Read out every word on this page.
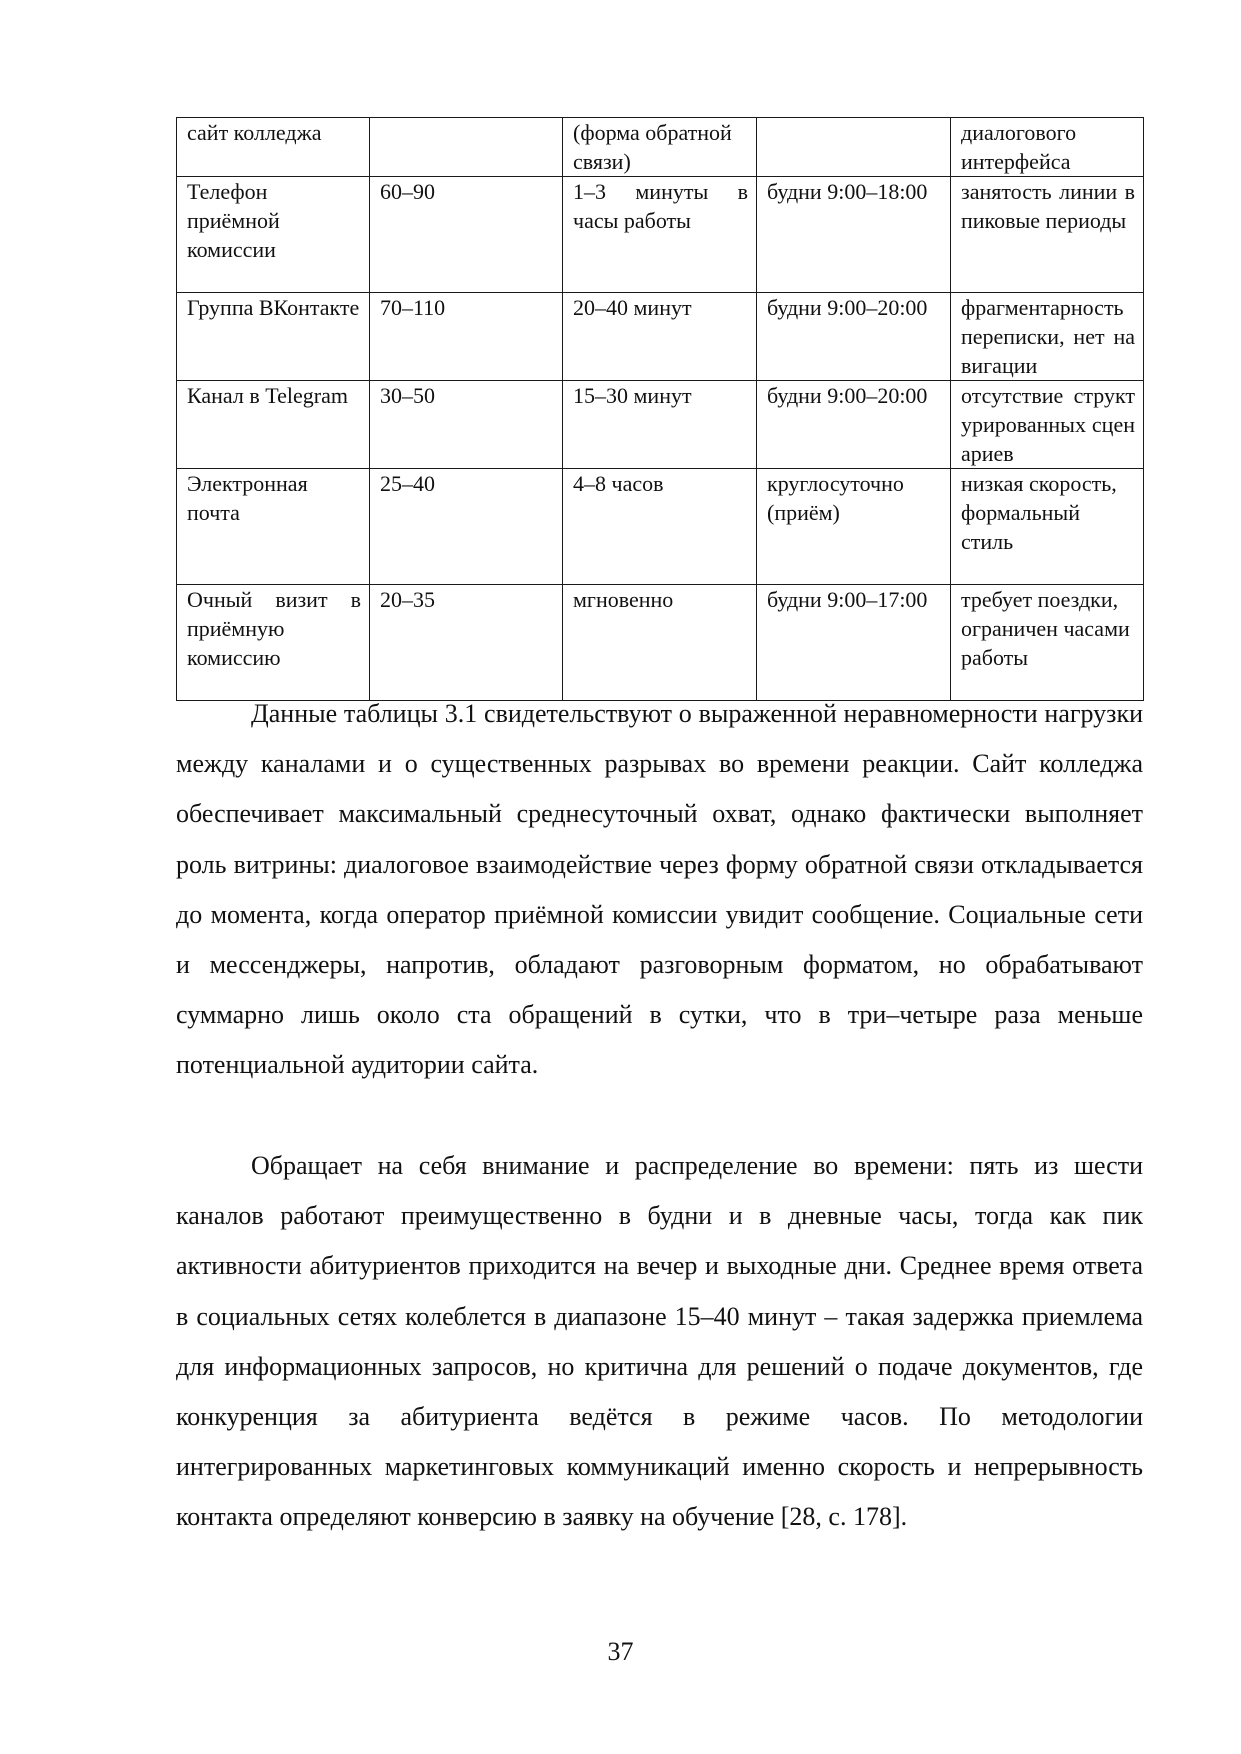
сайт колледжа		(форма обратной связи)		диалогового интерфейса
Телефон приёмной комиссии	60–90	1–3 минуты в часы работы	будни 9:00–18:00	занятость линии в пиковые периоды
Группа ВКонтакте	70–110	20–40 минут	будни 9:00–20:00	фрагментарность переписки, нет навигации
Канал в Telegram	30–50	15–30 минут	будни 9:00–20:00	отсутствие структурированных сценариев
Электронная почта	25–40	4–8 часов	круглосуточно (приём)	низкая скорость, формальный стиль
Очный визит в приёмную комиссию	20–35	мгновенно	будни 9:00–17:00	требует поездки, ограничен часами работы

Данные таблицы 3.1 свидетельствуют о выраженной неравномерности нагрузки между каналами и о существенных разрывах во времени реакции. Сайт колледжа обеспечивает максимальный среднесуточный охват, однако фактически выполняет роль витрины: диалоговое взаимодействие через форму обратной связи откладывается до момента, когда оператор приёмной комиссии увидит сообщение. Социальные сети и мессенджеры, напротив, обладают разговорным форматом, но обрабатывают суммарно лишь около ста обращений в сутки, что в три–четыре раза меньше потенциальной аудитории сайта.

Обращает на себя внимание и распределение во времени: пять из шести каналов работают преимущественно в будни и в дневные часы, тогда как пик активности абитуриентов приходится на вечер и выходные дни. Среднее время ответа в социальных сетях колеблется в диапазоне 15–40 минут – такая задержка приемлема для информационных запросов, но критична для решений о подаче документов, где конкуренция за абитуриента ведётся в режиме часов. По методологии интегрированных маркетинговых коммуникаций именно скорость и непрерывность контакта определяют конверсию в заявку на обучение [28, с. 178].

37
